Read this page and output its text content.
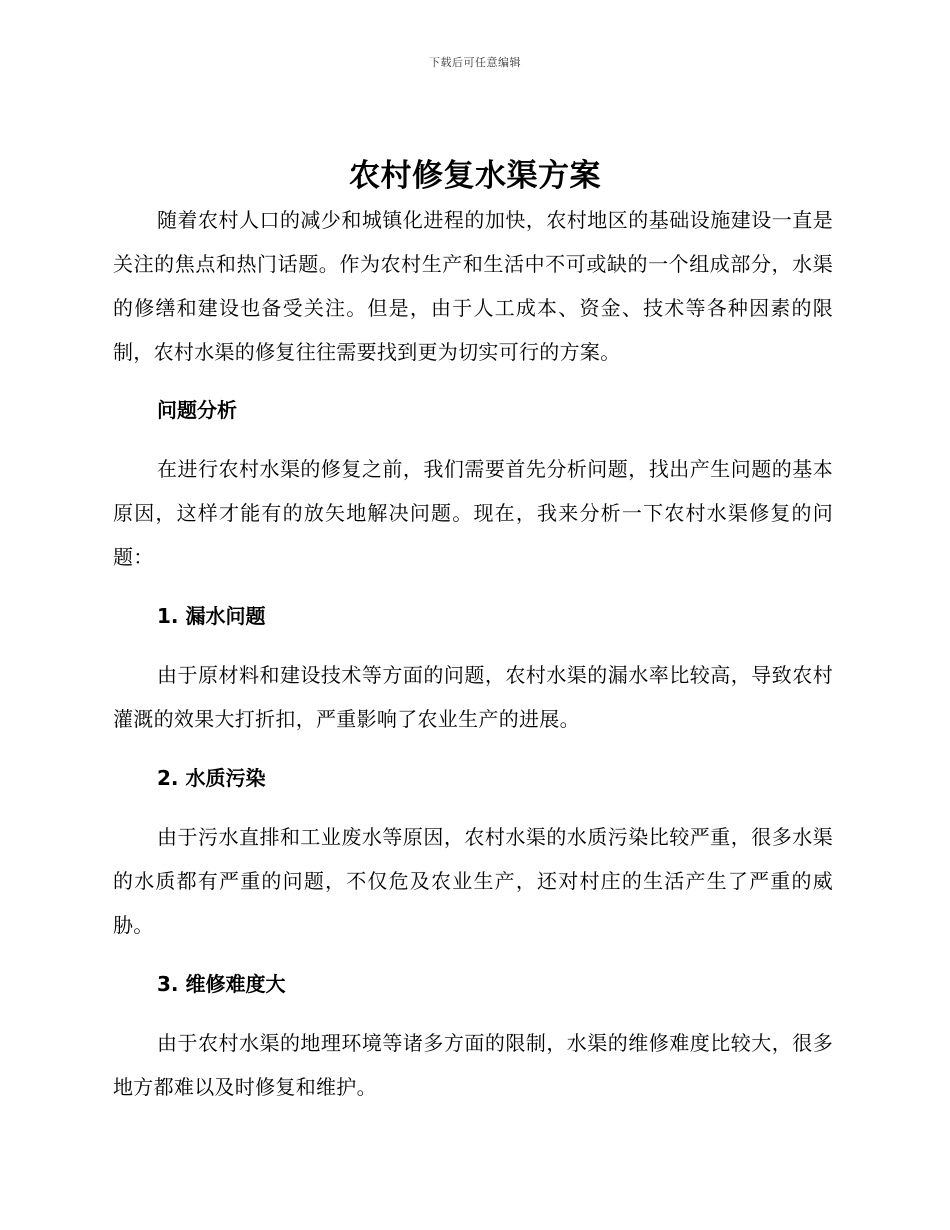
下载后可任意编辑
农村修复水渠方案

随着农村人口的减少和城镇化进程的加快，农村地区的基础设施建设一直是关注的焦点和热门话题。作为农村生产和生活中不可或缺的一个组成部分，水渠的修缮和建设也备受关注。但是，由于人工成本、资金、技术等各种因素的限制，农村水渠的修复往往需要找到更为切实可行的方案。

问题分析

在进行农村水渠的修复之前，我们需要首先分析问题，找出产生问题的基本原因，这样才能有的放矢地解决问题。现在，我来分析一下农村水渠修复的问题：

1. 漏水问题

由于原材料和建设技术等方面的问题，农村水渠的漏水率比较高，导致农村灌溉的效果大打折扣，严重影响了农业生产的进展。

2. 水质污染

由于污水直排和工业废水等原因，农村水渠的水质污染比较严重，很多水渠的水质都有严重的问题，不仅危及农业生产，还对村庄的生活产生了严重的威胁。

3. 维修难度大

由于农村水渠的地理环境等诸多方面的限制，水渠的维修难度比较大，很多地方都难以及时修复和维护。
